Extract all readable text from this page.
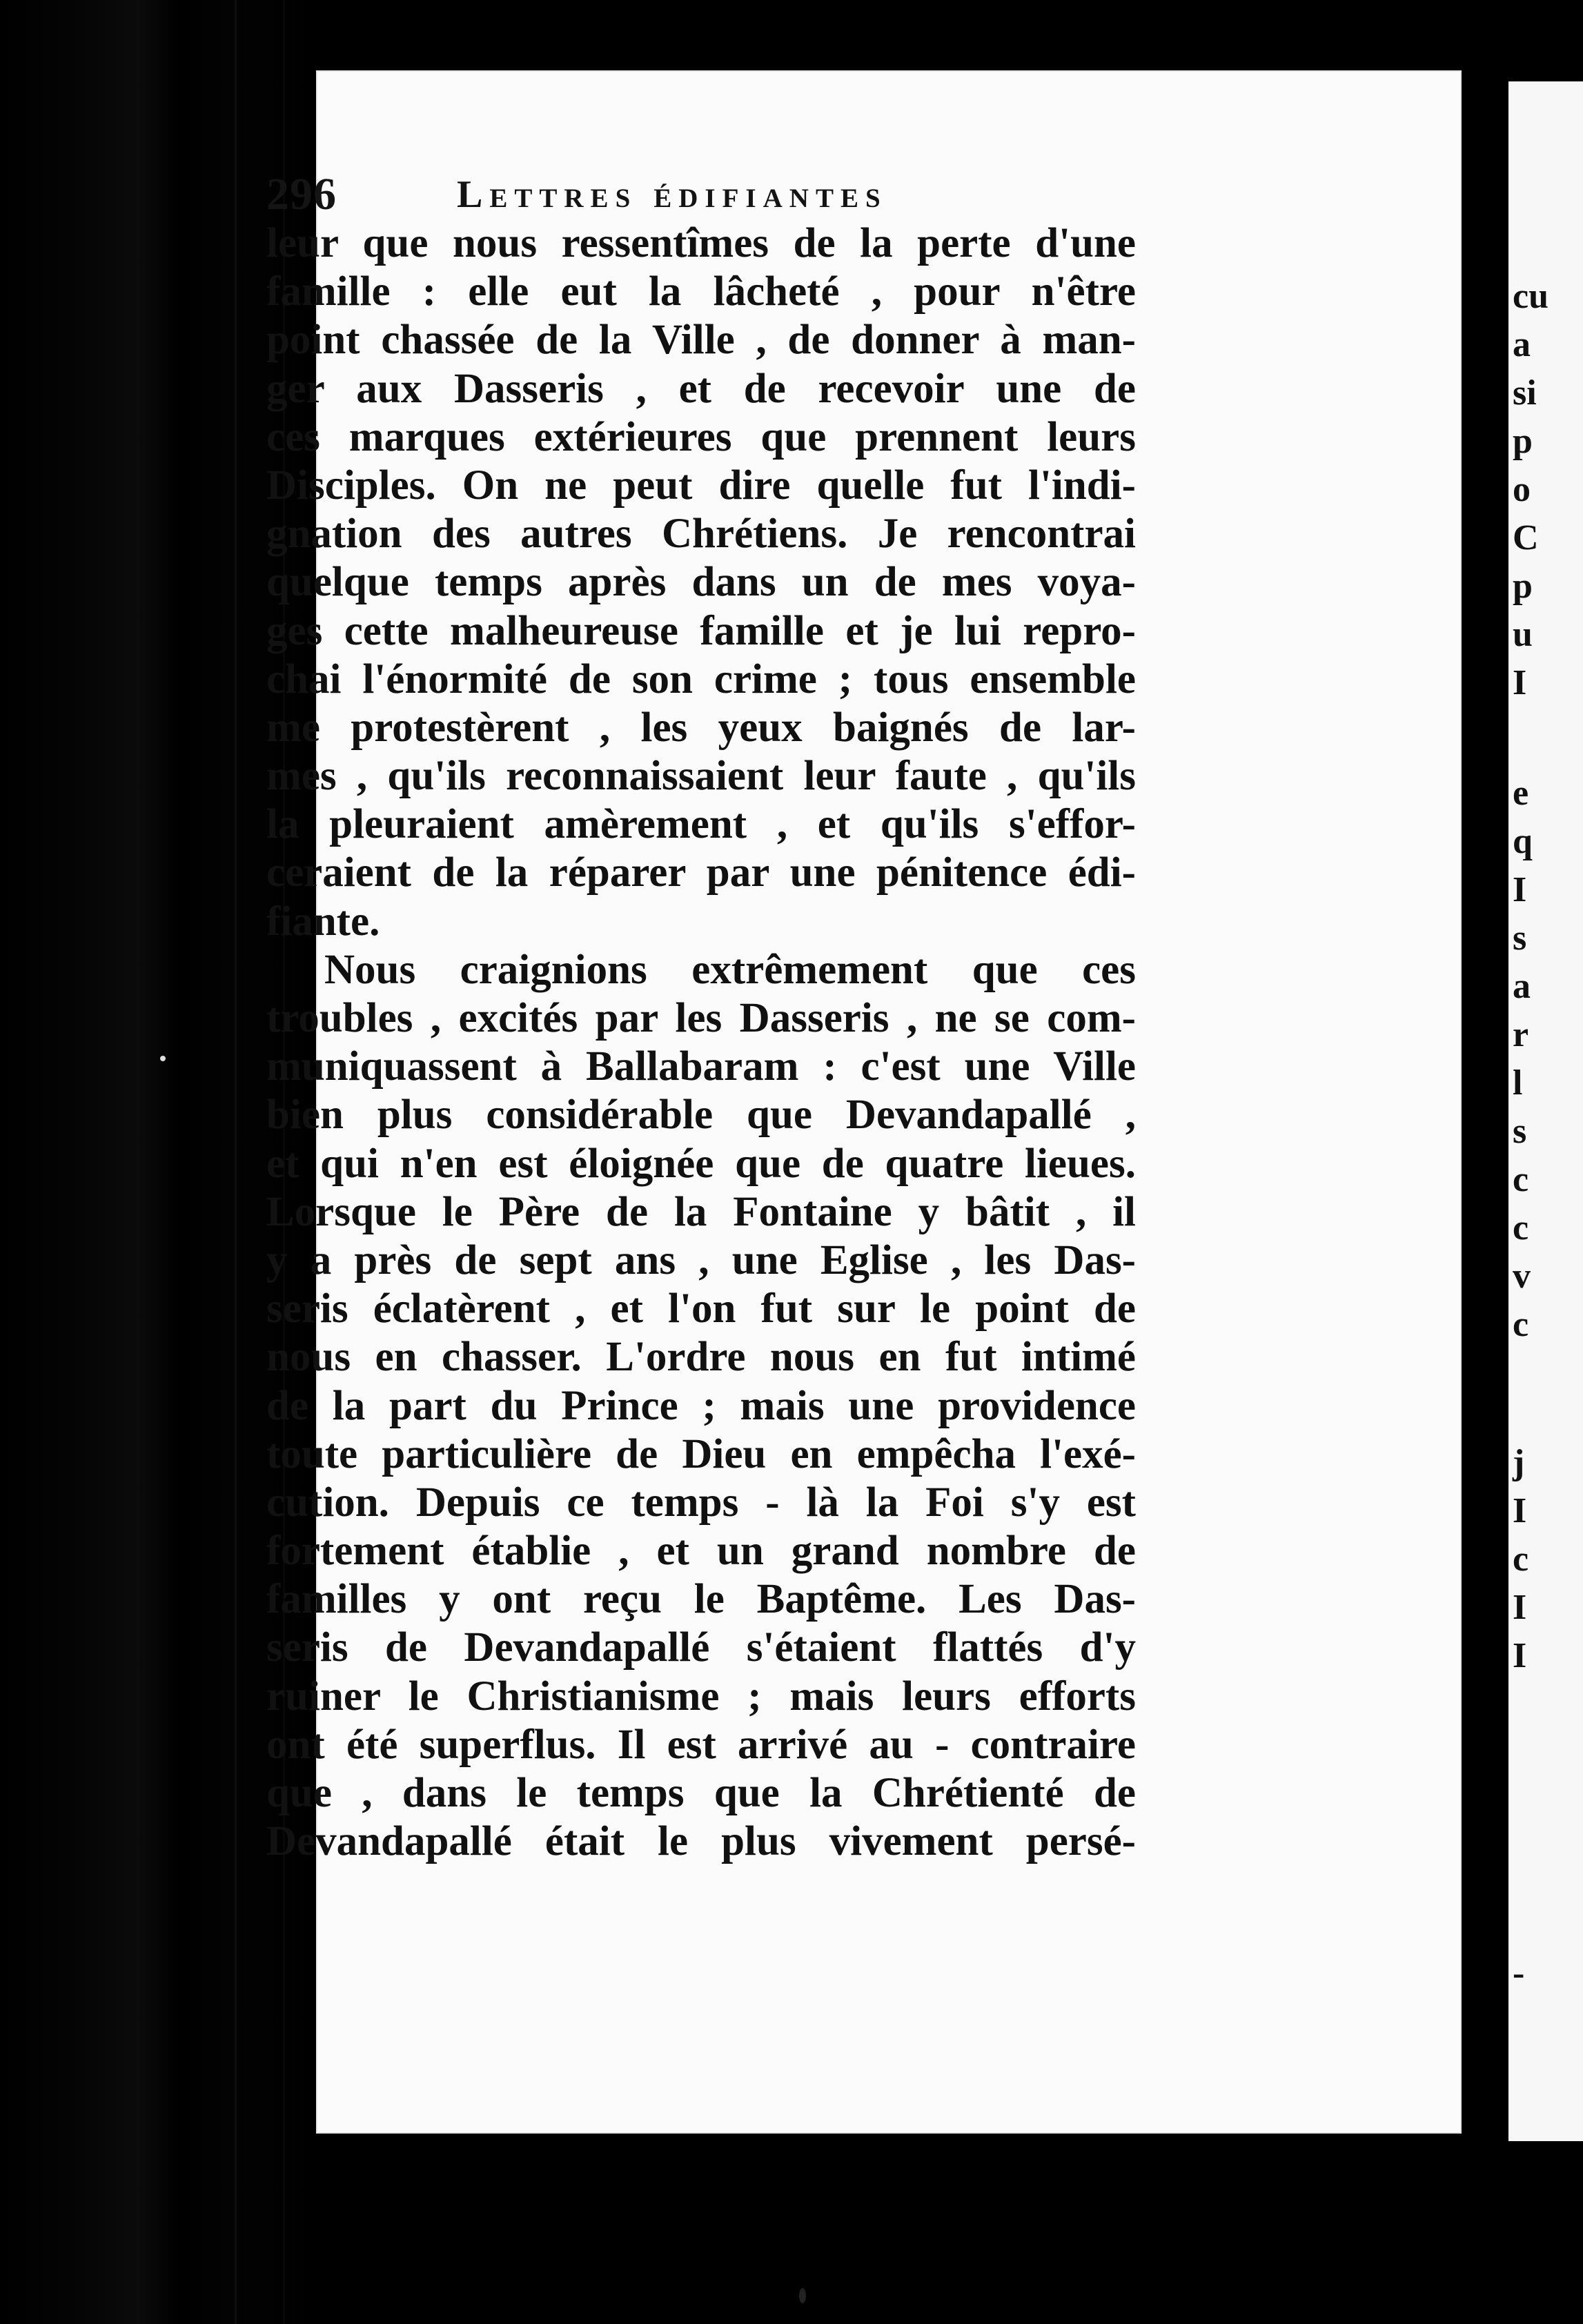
296	Lettres édifiantes
leur que nous ressentîmes de la perte d'une
famille : elle eut la lâcheté , pour n'être
point chassée de la Ville , de donner à man-
ger aux Dasseris , et de recevoir une de
ces marques extérieures que prennent leurs
Disciples. On ne peut dire quelle fut l'indi-
gnation des autres Chrétiens. Je rencontrai
quelque temps après dans un de mes voya-
ges cette malheureuse famille et je lui repro-
chai l'énormité de son crime ; tous ensemble
me protestèrent , les yeux baignés de lar-
mes , qu'ils reconnaissaient leur faute , qu'ils
la pleuraient amèrement , et qu'ils s'effor-
ceraient de la réparer par une pénitence édi-
fiante.
Nous craignions extrêmement que ces
troubles , excités par les Dasseris , ne se com-
muniquassent à Ballabaram : c'est une Ville
bien plus considérable que Devandapallé ,
et qui n'en est éloignée que de quatre lieues.
Lorsque le Père de la Fontaine y bâtit , il
y a près de sept ans , une Eglise , les Das-
seris éclatèrent , et l'on fut sur le point de
nous en chasser. L'ordre nous en fut intimé
de la part du Prince ; mais une providence
toute particulière de Dieu en empêcha l'exé-
cution. Depuis ce temps - là la Foi s'y est
fortement établie , et un grand nombre de
familles y ont reçu le Baptême. Les Das-
seris de Devandapallé s'étaient flattés d'y
ruiner le Christianisme ; mais leurs efforts
ont été superflus. Il est arrivé au - contraire
que , dans le temps que la Chrétienté de
Devandapallé était le plus vivement persé-
cu
a
si
p
o
C
p
u
I
e
q
I
s
a
r
l
s
c
c
v
c
j
I
c
I
I
-
